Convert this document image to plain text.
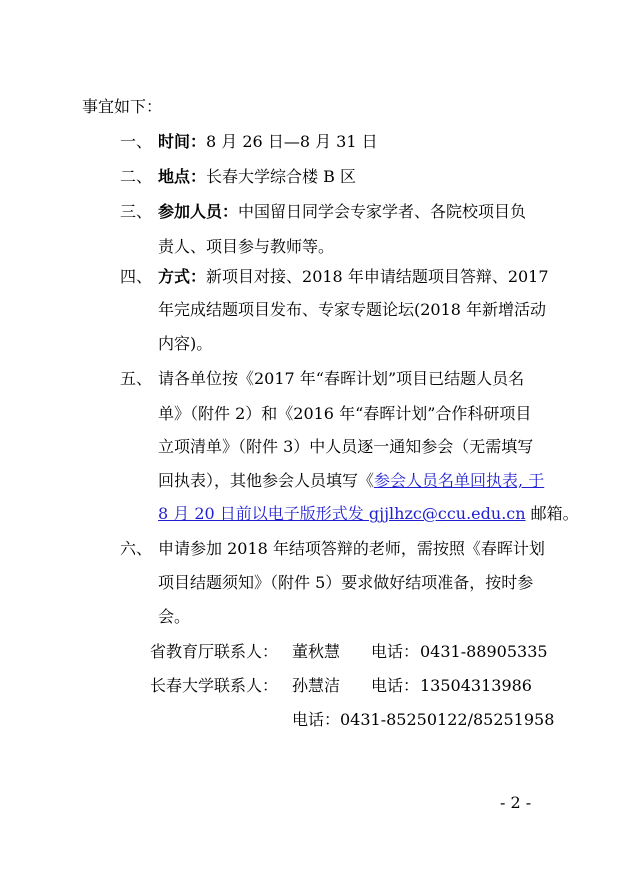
事宜如下：
一、 时间：8 月 26 日—8 月 31 日
二、 地点：长春大学综合楼 B 区
三、 参加人员：中国留日同学会专家学者、各院校项目负
责人、项目参与教师等。
四、 方式：新项目对接、2018 年申请结题项目答辩、2017
年完成结题项目发布、专家专题论坛(2018 年新增活动
内容)。
五、 请各单位按《2017 年“春晖计划”项目已结题人员名
单》（附件 2）和《2016 年“春晖计划”合作科研项目
立项清单》（附件 3）中人员逐一通知参会（无需填写
回执表），其他参会人员填写《参会人员名单回执表, 于
8 月 20 日前以电子版形式发 gjjlhzc@ccu.edu.cn 邮箱。
六、 申请参加 2018 年结项答辩的老师，需按照《春晖计划
项目结题须知》（附件 5）要求做好结项准备，按时参
会。
省教育厅联系人： 董秋慧 电话： 0431-88905335
长春大学联系人： 孙慧洁 电话： 13504313986
电话：0431-85250122/85251958
- 2 -
